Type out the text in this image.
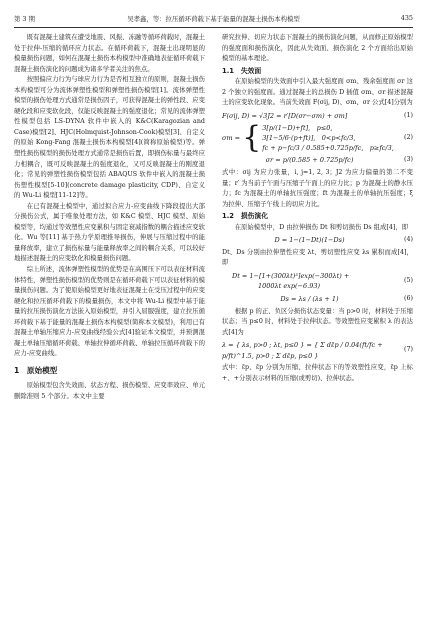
第 3 期	吴孝鑫，等：拉压循环荷载下基于能量的混凝土损伤本构模型	435

既有混凝土建筑在遭受地震、风振、冻融等循环荷载时，混凝土处于拉伸-压缩的循环应力状态。在循环荷载下，混凝土出现明显的模量损伤问题，如何在混凝土损伤本构模型中准确地表征循环荷载下混凝土损伤演化的问题成为诸多学者关注的焦点。

按照偏应力行为与球应力行为是否相互独立的原则，混凝土损伤本构模型可分为流体弹塑性模型和弹塑性损伤模型[1]。流体弹塑性模型的损伤处理方式通常是损伤因子，可获得混凝土的弹性段、应变硬化段和应变软化段，仅能反映混凝土的强度退化；常见的流体弹塑性模型包括 LS-DYNA 软件中嵌入的 K&C(Karagozian and Case)模型[2]、HJC(Holmquist-Johnson-Cook)模型[3]、自定义的原始 Kong-Fang 混凝土损伤本构模型[4](简称原始模型)等。弹塑性损伤模型的损伤处理方式通常是损伤后置，即损伤标量与最终应力相耦合，既可反映混凝土的强度退化，又可反映混凝土的刚度退化；常见的弹塑性损伤模型包括 ABAQUS 软件中嵌入的混凝土损伤塑性模型[5-10](concrete damage plasticity, CDP)、自定义的 Wu-Li 模型[11-12]等。

在已有混凝土模型中，通过拟合应力-应变曲线下降段提出大部分损伤公式，属于唯象处理方法，如 K&C 模型、HJC 模型、原始模型等，均通过等效塑性应变累积与固定衰减指数的耦合描述应变软化。Wu 等[11] 基于热力学原理推导损伤，伸展与压缩过程中的能量释放率，建立了损伤标量与能量释放率之间的耦合关系，可以较好地描述混凝土的应变软化和模量损伤问题。

综上所述，流体弹塑性模型的优势是在高围压下可以表征材料流体特性，弹塑性损伤模型的优势则是在循环荷载下可以表征材料的模量损伤问题。为了使原始模型更好地表征混凝土在受压过程中的应变硬化和拉压循环荷载下的模量损伤，本文中将 Wu-Li 模型中基于能量的拉压损伤演化方法嵌入原始模型，并引入屈服强度，建立拉压循环荷载下基于能量的混凝土损伤本构模型(简称本文模型)，利用已有混凝土单轴压缩应力-应变曲线经验公式[4]验证本文模型，并预测混凝土单轴压缩循环荷载、单轴拉伸循环荷载、单轴拉压循环荷载下的应力-应变曲线。

1　原始模型

原始模型包含失效面、状态方程、损伤模型、应变率效应、单元删除准则 5 个部分。本文中主要

研究拉伸、切应力状态下混凝土的损伤演化问题，从而修正原始模型的强度面和损伤演化，因此从失效面、损伤演化 2 个方面给出原始模型的基本理论。

1.1　失效面

在原始模型的失效面中引入最大强度面 σm、残余强度面 σr 这 2 个独立的强度面。通过混凝土的总损伤 D 插值 σm、σr 描述混凝土的应变软化现象。当前失效面 F(σij, D)、σm、σr 公式[4]分别为

F(σij, D) = √3J2 ≈ r′[D(σr−σm) + σm]	(1)
σm = { 3[p/(1−D)+ft],　p≤0,
3[1−5/6·(p+ft)],　0<p<fc/3,
fc + p−fc/3 / 0.585+0.725p/fc,　p≥fc/3,
(2)
σr = p/(0.585 + 0.725p/fc)	(3)

式中：σij 为应力张量，i, j=1, 2, 3；J2 为应力偏量的第二不变量；r′ 为当前子午面与压缩子午面上的应力比；p 为混凝土的静水压力；fc 为混凝土的单轴抗压强度；ft 为混凝土的单轴抗压强度；ξ 为拉伸、压缩子午线上的切应力比。

1.2　损伤演化

在原始模型中，D 由拉伸损伤 Dt 和剪切损伤 Ds 组成[4]，即

D = 1−(1−Dt)(1−Ds)	(4)

Dt、Ds 分别由拉伸塑性应变 λt、剪切塑性应变 λs 累积而成[4]，即

Dt = 1−[1+(300λt)³]exp(−300λt) +
1000λt exp(−6.93)
(5)
Ds = λs / (λs + 1)	(6)

根据 p 的正、负区分损伤状态变量：当 p>0 时，材料处于压缩状态；当 p≤0 时，材料处于拉伸状态。等效塑性应变累积 λ 的表达式[4]为

λ = { λs, p>0 ; λt, p≤0 } = { Σ dε̄p / 0.04(ft/fc + p/ft)^1.5, p>0 ; Σ dε̄p, p≤0 }
(7)

式中：ε̄p、ε̄p 分别为压缩、拉伸状态下的等效塑性应变，ε̄p 上标+、+分别表示材料的压缩(或剪切)、拉伸状态。
